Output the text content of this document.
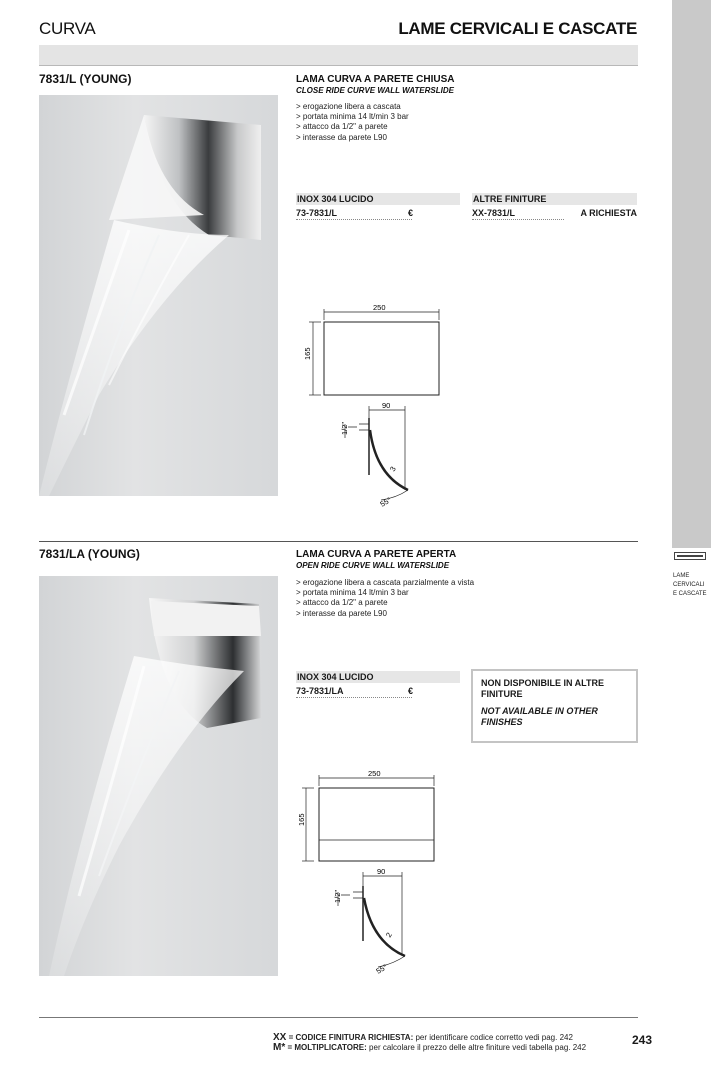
LAME
CERVICALI
E CASCATE
CURVA	LAME CERVICALI E CASCATE
7831/L (YOUNG)	LAMA CURVA A PARETE CHIUSA
CLOSE RIDE CURVE WALL WATERSLIDE
> erogazione libera a cascata
> portata minima 14 lt/min 3 bar
> attacco da 1/2" a parete
> interasse da parete L90
INOX 304 LUCIDO
73-7831/L	€
ALTRE FINITURE
XX-7831/L	A RICHIESTA
250
165
90
1/2"
3
55°
7831/LA (YOUNG)	LAMA CURVA A PARETE APERTA
OPEN RIDE CURVE WALL WATERSLIDE
> erogazione libera a cascata parzialmente a vista
> portata minima 14 lt/min 3 bar
> attacco da 1/2" a parete
> interasse da parete L90
INOX 304 LUCIDO
73-7831/LA	€
NON DISPONIBILE IN ALTRE FINITURE
NOT AVAILABLE IN OTHER FINISHES
250
165
90
1/2"
2
55°
XX = CODICE FINITURA RICHIESTA: per identificare codice corretto vedi pag. 242
M* = MOLTIPLICATORE: per calcolare il prezzo delle altre finiture vedi tabella pag. 242
243
